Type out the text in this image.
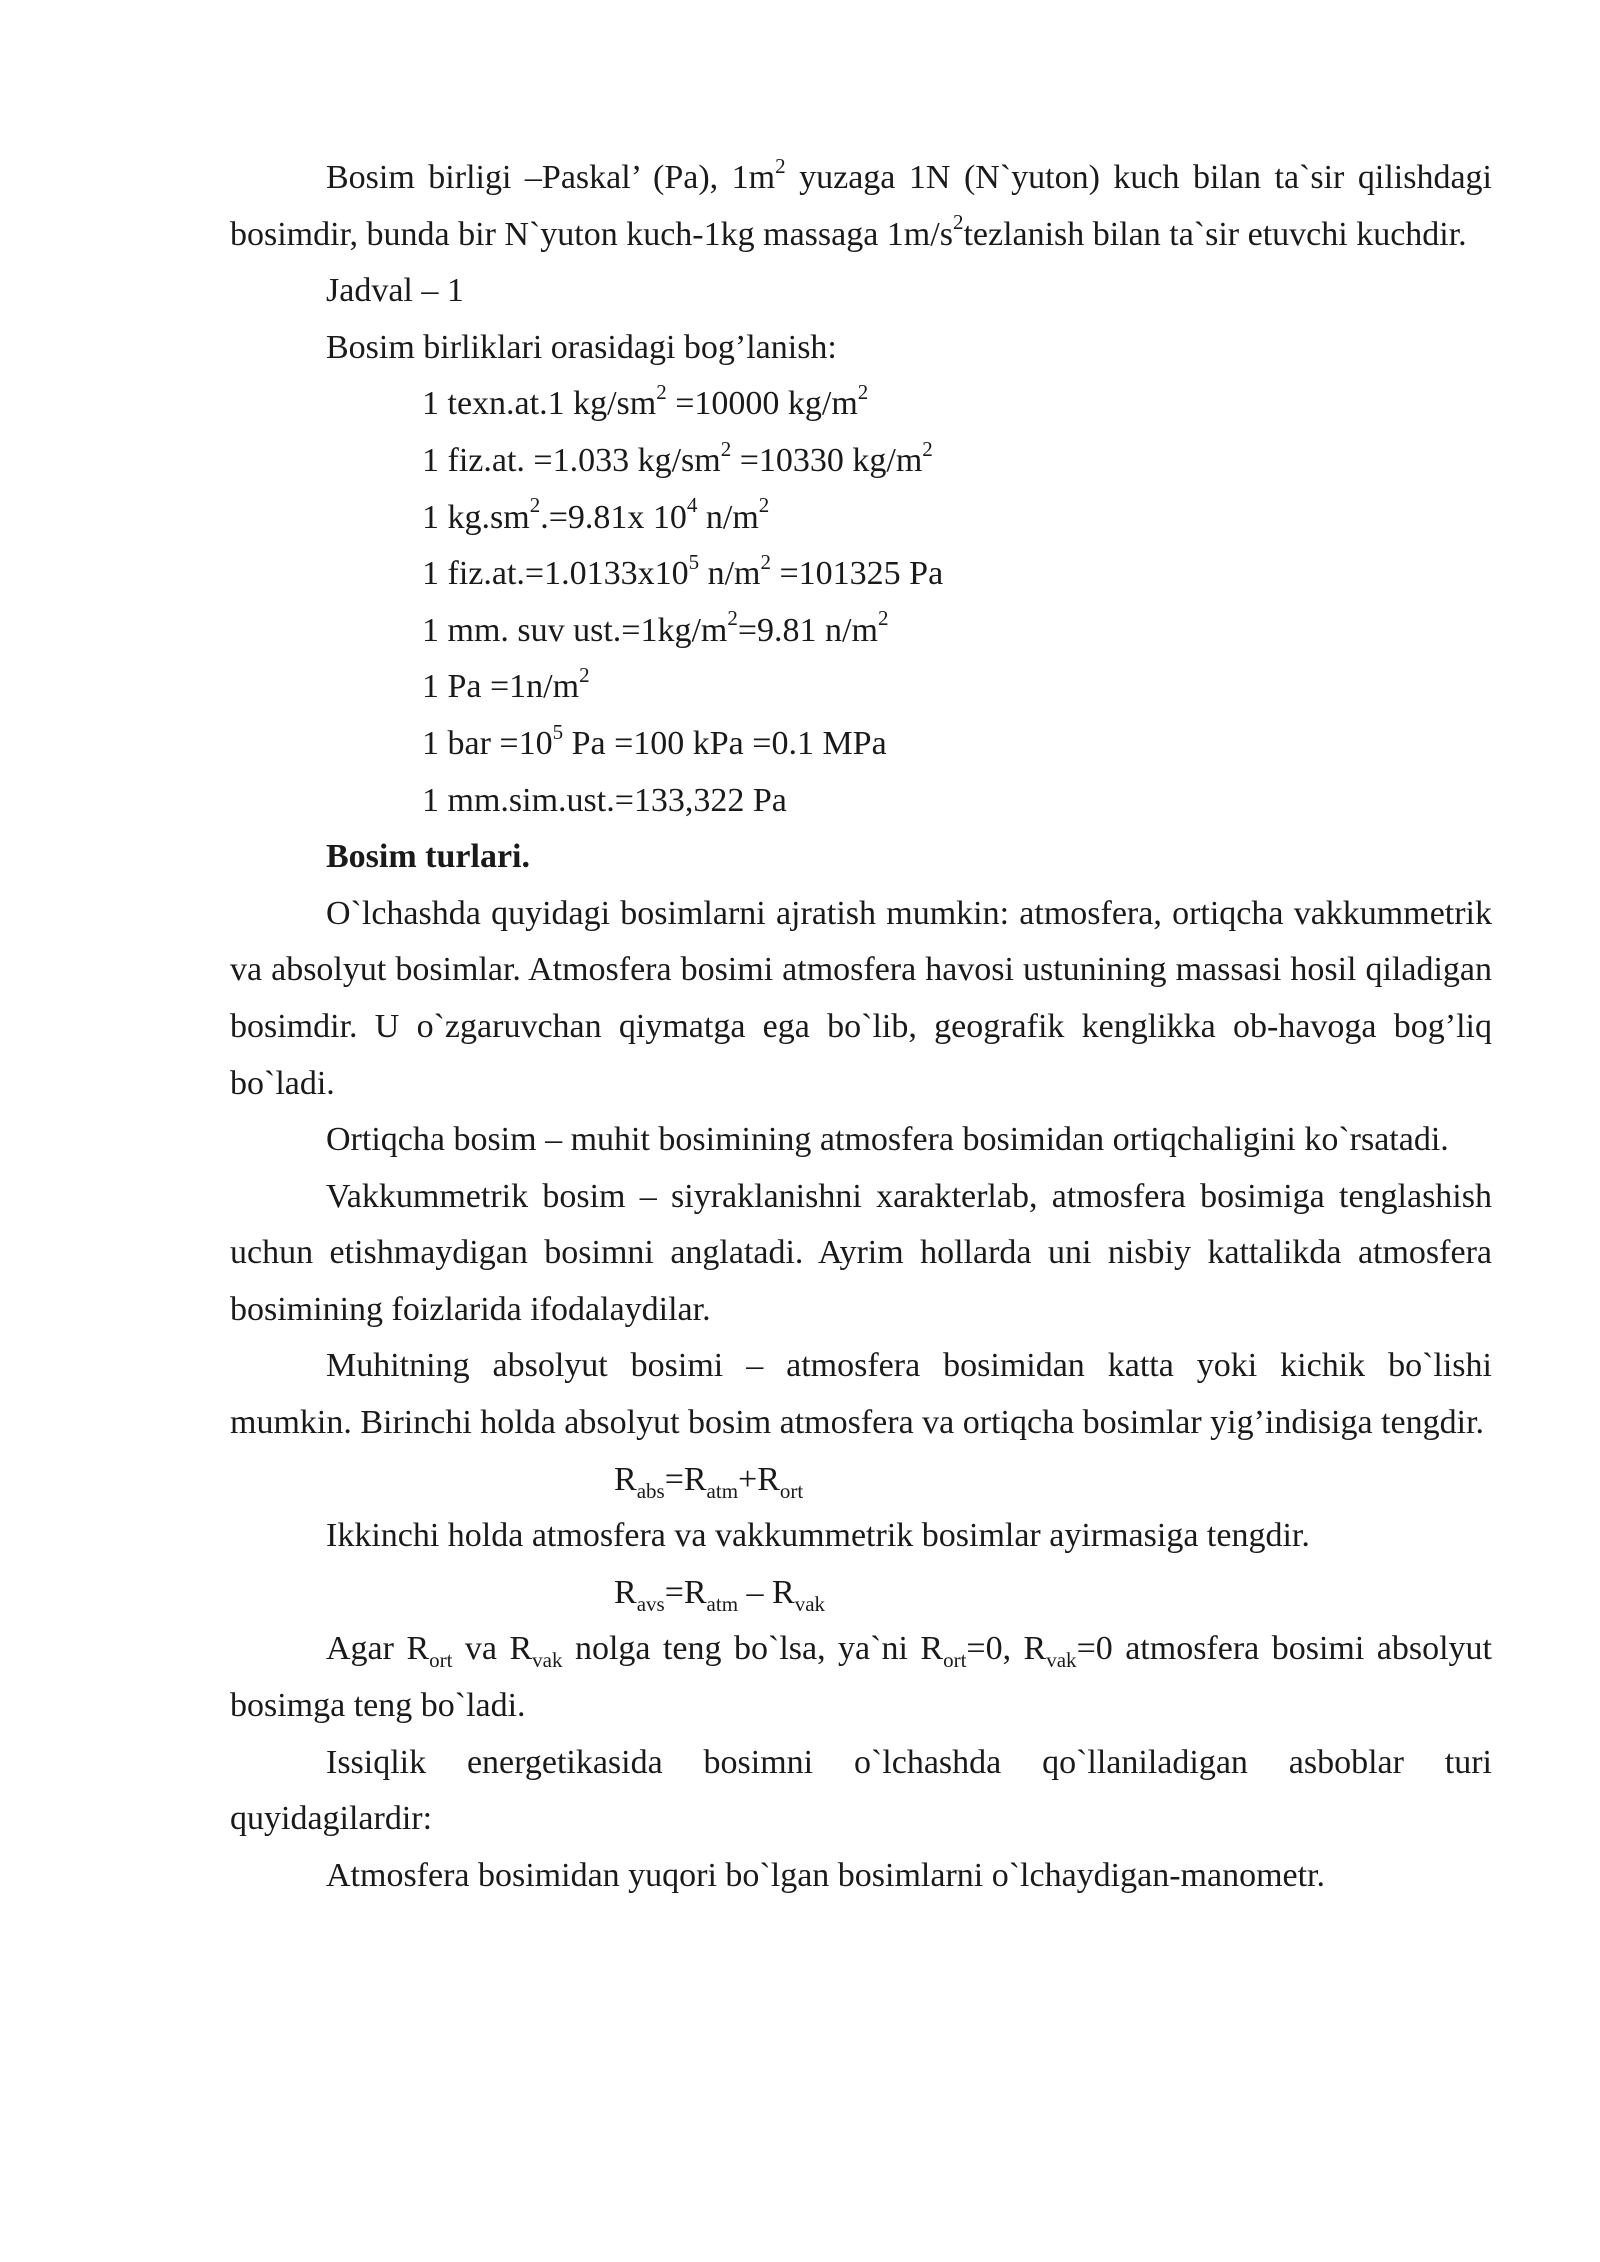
Bosim birligi –Paskal’ (Pa), $1m^2$ yuzaga 1N (N`yuton) kuch bilan ta`sir qilishdagi bosimdir, bunda bir N`yuton kuch-1kg massaga $1m/s^2tezlanish$ bilan ta`sir etuvchi kuchdir.

Jadval – 1

Bosim birliklari orasidagi bog’lanish:

1 texn.at.1 $kg/sm^2 =10000$ $kg/m^2$

1 fiz.at. =1.033 $kg/sm^2 =10330$ $kg/m^2$

1 $kg.sm^2.=9.81x$ $10^4$ $n/m^2$

1 $fiz.at.=1.0133x10^5$ $n/m^2 =101325$ Pa

1 mm. suv $ust.=1kg/m^2=9.81$ $n/m^2$

1 $Pa =1n/m^2$

1 bar $=10^5$ Pa =100 kPa =0.1 MPa

1 mm.sim.ust.=133,322 Pa

Bosim turlari.

O`lchashda quyidagi bosimlarni ajratish mumkin: atmosfera, ortiqcha vakkummetrik va absolyut bosimlar. Atmosfera bosimi atmosfera havosi ustunining massasi hosil qiladigan bosimdir. U o`zgaruvchan qiymatga ega bo`lib, geografik kenglikka ob-havoga bog’liq bo`ladi.

Ortiqcha bosim – muhit bosimining atmosfera bosimidan ortiqchaligini ko`rsatadi.

Vakkummetrik bosim – siyraklanishni xarakterlab, atmosfera bosimiga tenglashish uchun etishmaydigan bosimni anglatadi. Ayrim hollarda uni nisbiy kattalikda atmosfera bosimining foizlarida ifodalaydilar.

Muhitning absolyut bosimi – atmosfera bosimidan katta yoki kichik bo`lishi mumkin. Birinchi holda absolyut bosim atmosfera va ortiqcha bosimlar yig’indisiga tengdir.

$R_{abs}=R_{atm}+R_{ort}$

Ikkinchi holda atmosfera va vakkummetrik bosimlar ayirmasiga tengdir.

$R_{avs}=R_{atm} - R_{vak}$

Agar $R_{ort}$ va $R_{vak}$ nolga teng bo`lsa, ya`ni $R_{ort}=0$, $R_{vak}=0$ atmosfera bosimi absolyut bosimga teng bo`ladi.

Issiqlik energetikasida bosimni o`lchashda qo`llaniladigan asboblar turi quyidagilardir:

Atmosfera bosimidan yuqori bo`lgan bosimlarni o`lchaydigan-manometr.
